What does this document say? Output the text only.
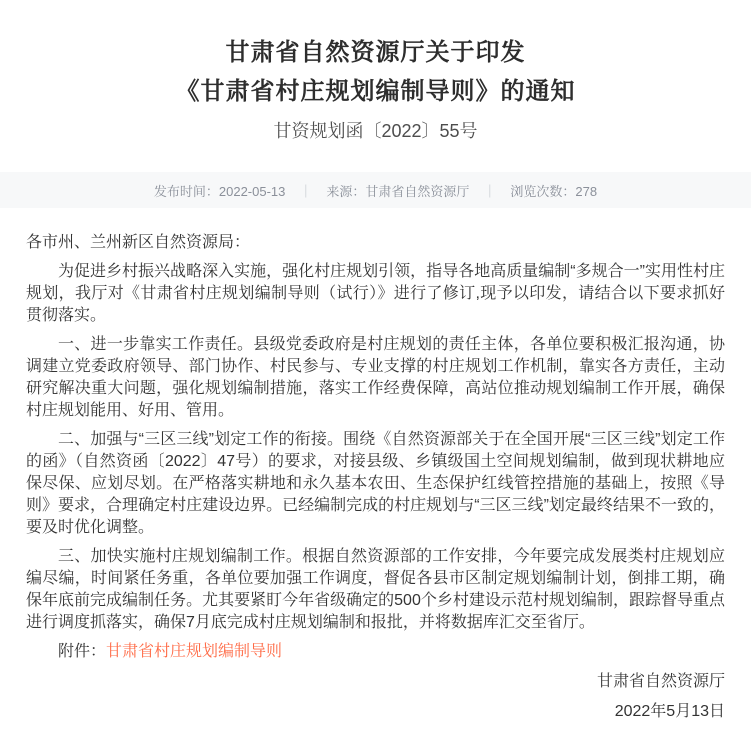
甘肃省自然资源厅关于印发
《甘肃省村庄规划编制导则》的通知
甘资规划函〔2022〕55号
发布时间：2022-05-13 ｜ 来源：甘肃省自然资源厅 ｜ 浏览次数：278

各市州、兰州新区自然资源局：

为促进乡村振兴战略深入实施，强化村庄规划引领，指导各地高质量编制“多规合一”实用性村庄规划，我厅对《甘肃省村庄规划编制导则（试行）》进行了修订,现予以印发，请结合以下要求抓好贯彻落实。

一、进一步靠实工作责任。县级党委政府是村庄规划的责任主体，各单位要积极汇报沟通，协调建立党委政府领导、部门协作、村民参与、专业支撑的村庄规划工作机制，靠实各方责任，主动研究解决重大问题，强化规划编制措施，落实工作经费保障，高站位推动规划编制工作开展，确保村庄规划能用、好用、管用。

二、加强与“三区三线”划定工作的衔接。围绕《自然资源部关于在全国开展“三区三线”划定工作的函》（自然资函〔2022〕47号）的要求，对接县级、乡镇级国土空间规划编制，做到现状耕地应保尽保、应划尽划。在严格落实耕地和永久基本农田、生态保护红线管控措施的基础上，按照《导则》要求，合理确定村庄建设边界。已经编制完成的村庄规划与“三区三线”划定最终结果不一致的，要及时优化调整。

三、加快实施村庄规划编制工作。根据自然资源部的工作安排，今年要完成发展类村庄规划应编尽编，时间紧任务重，各单位要加强工作调度，督促各县市区制定规划编制计划，倒排工期，确保年底前完成编制任务。尤其要紧盯今年省级确定的500个乡村建设示范村规划编制，跟踪督导重点进行调度抓落实，确保7月底完成村庄规划编制和报批，并将数据库汇交至省厅。

附件：甘肃省村庄规划编制导则

甘肃省自然资源厅

2022年5月13日
